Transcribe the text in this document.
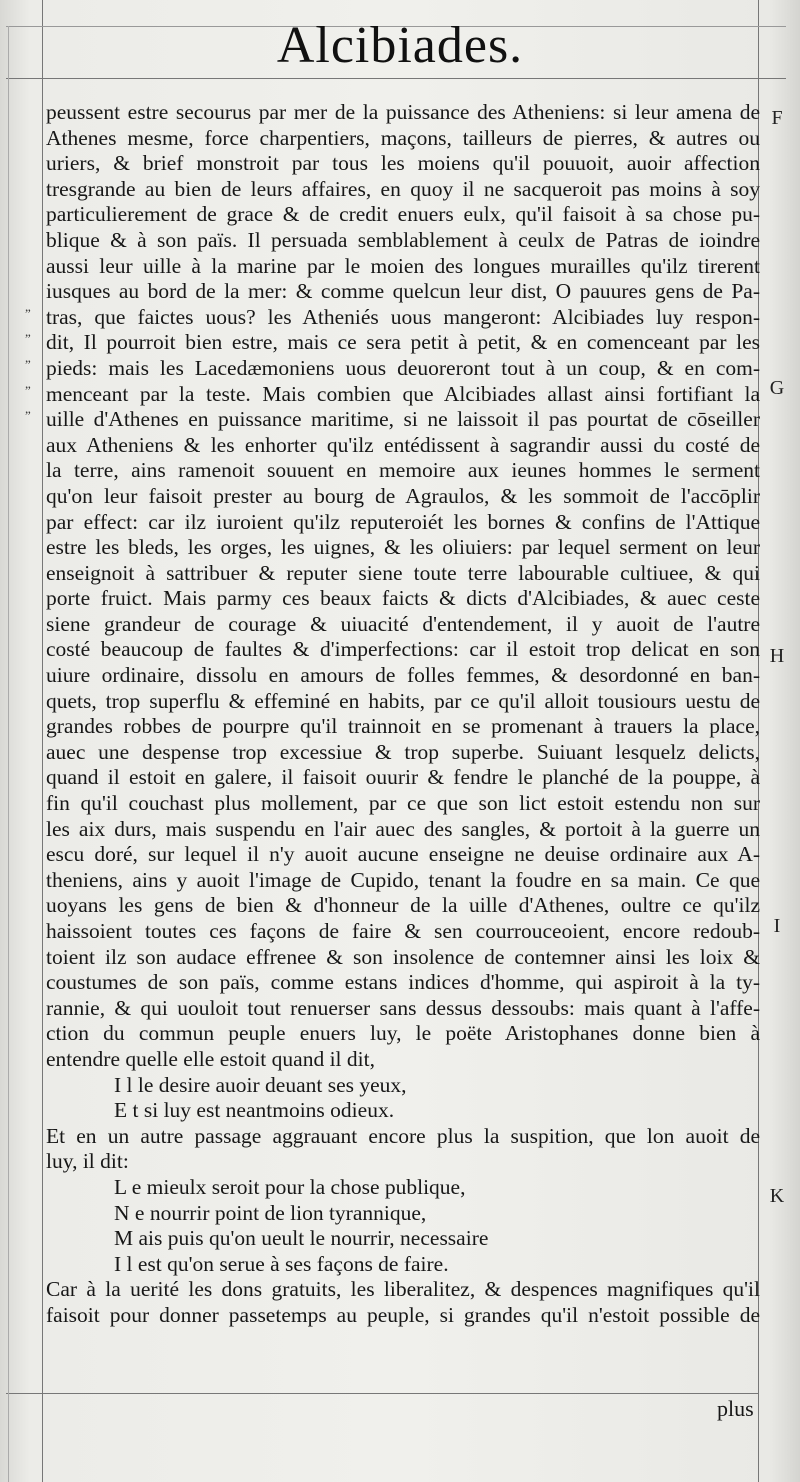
Alcibiades.
F
G
H
I
K
„
„
„
„
„
peussent estre secourus par mer de la puissance des Atheniens: si leur amena de
Athenes mesme, force charpentiers, maçons, tailleurs de pierres, & autres ou
uriers, & brief monstroit par tous les moiens qu'il pouuoit, auoir affection
tresgrande au bien de leurs affaires, en quoy il ne sacqueroit pas moins à soy
particulierement de grace & de credit enuers eulx, qu'il faisoit à sa chose pu-
blique & à son païs. Il persuada semblablement à ceulx de Patras de ioindre
aussi leur uille à la marine par le moien des longues murailles qu'ilz tirerent
iusques au bord de la mer: & comme quelcun leur dist, O pauures gens de Pa-
tras, que faictes uous? les Atheniés uous mangeront: Alcibiades luy respon-
dit, Il pourroit bien estre, mais ce sera petit à petit, & en comenceant par les
pieds: mais les Lacedæmoniens uous deuoreront tout à un coup, & en com-
menceant par la teste. Mais combien que Alcibiades allast ainsi fortifiant la
uille d'Athenes en puissance maritime, si ne laissoit il pas pourtat de cōseiller
aux Atheniens & les enhorter qu'ilz entédissent à sagrandir aussi du costé de
la terre, ains ramenoit souuent en memoire aux ieunes hommes le serment
qu'on leur faisoit prester au bourg de Agraulos, & les sommoit de l'accōplir
par effect: car ilz iuroient qu'ilz reputeroiét les bornes & confins de l'Attique
estre les bleds, les orges, les uignes, & les oliuiers: par lequel serment on leur
enseignoit à sattribuer & reputer siene toute terre labourable cultiuee, & qui
porte fruict. Mais parmy ces beaux faicts & dicts d'Alcibiades, & auec ceste
siene grandeur de courage & uiuacité d'entendement, il y auoit de l'autre
costé beaucoup de faultes & d'imperfections: car il estoit trop delicat en son
uiure ordinaire, dissolu en amours de folles femmes, & desordonné en ban-
quets, trop superflu & effeminé en habits, par ce qu'il alloit tousiours uestu de
grandes robbes de pourpre qu'il trainnoit en se promenant à trauers la place,
auec une despense trop excessiue & trop superbe. Suiuant lesquelz delicts,
quand il estoit en galere, il faisoit ouurir & fendre le planché de la pouppe, à
fin qu'il couchast plus mollement, par ce que son lict estoit estendu non sur
les aix durs, mais suspendu en l'air auec des sangles, & portoit à la guerre un
escu doré, sur lequel il n'y auoit aucune enseigne ne deuise ordinaire aux A-
theniens, ains y auoit l'image de Cupido, tenant la foudre en sa main. Ce que
uoyans les gens de bien & d'honneur de la uille d'Athenes, oultre ce qu'ilz
haissoient toutes ces façons de faire & sen courrouceoient, encore redoub-
toient ilz son audace effrenee & son insolence de contemner ainsi les loix &
coustumes de son païs, comme estans indices d'homme, qui aspiroit à la ty-
rannie, & qui uouloit tout renuerser sans dessus dessoubs: mais quant à l'affe-
ction du commun peuple enuers luy, le poëte Aristophanes donne bien à
entendre quelle elle estoit quand il dit,
I l le desire auoir deuant ses yeux,
E t si luy est neantmoins odieux.
Et en un autre passage aggrauant encore plus la suspition, que lon auoit de
luy, il dit:
L e mieulx seroit pour la chose publique,
N e nourrir point de lion tyrannique,
M ais puis qu'on ueult le nourrir, necessaire
I l est qu'on serue à ses façons de faire.
Car à la uerité les dons gratuits, les liberalitez, & despences magnifiques qu'il
faisoit pour donner passetemps au peuple, si grandes qu'il n'estoit possible de
plus
